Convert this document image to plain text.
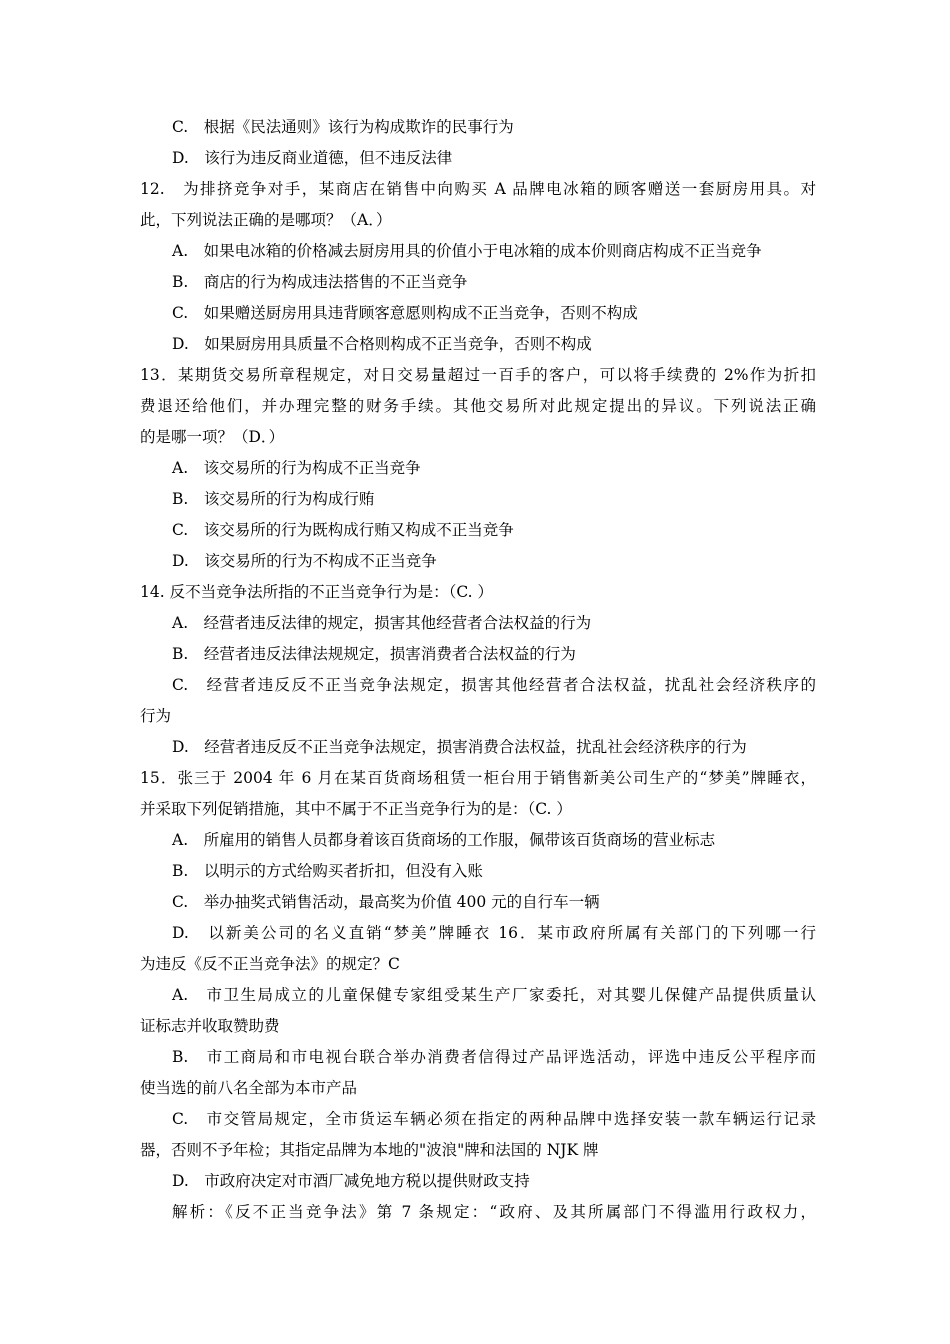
C.　根据《民法通则》该行为构成欺诈的民事行为
D.　该行为违反商业道德，但不违反法律
12.　为排挤竞争对手，某商店在销售中向购买 A 品牌电冰箱的顾客赠送一套厨房用具。对
此，下列说法正确的是哪项？（A．）
A.　如果电冰箱的价格减去厨房用具的价值小于电冰箱的成本价则商店构成不正当竞争
B.　商店的行为构成违法搭售的不正当竞争
C.　如果赠送厨房用具违背顾客意愿则构成不正当竞争，否则不构成
D.　如果厨房用具质量不合格则构成不正当竞争，否则不构成
13．某期货交易所章程规定，对日交易量超过一百手的客户，可以将手续费的 2%作为折扣
费退还给他们，并办理完整的财务手续。其他交易所对此规定提出的异议。下列说法正确
的是哪一项？（D．）
A.　该交易所的行为构成不正当竞争
B.　该交易所的行为构成行贿
C.　该交易所的行为既构成行贿又构成不正当竞争
D.　该交易所的行为不构成不正当竞争
14. 反不当竞争法所指的不正当竞争行为是：（C. ）
A.　经营者违反法律的规定，损害其他经营者合法权益的行为
B.　经营者违反法律法规规定，损害消费者合法权益的行为
C.　经营者违反反不正当竞争法规定，损害其他经营者合法权益，扰乱社会经济秩序的
行为
D.　经营者违反反不正当竞争法规定，损害消费合法权益，扰乱社会经济秩序的行为
15．张三于 2004 年 6 月在某百货商场租赁一柜台用于销售新美公司生产的“梦美”牌睡衣，
并采取下列促销措施，其中不属于不正当竞争行为的是：（C. ）
A.　所雇用的销售人员都身着该百货商场的工作服，佩带该百货商场的营业标志
B.　以明示的方式给购买者折扣，但没有入账
C.　举办抽奖式销售活动，最高奖为价值 400 元的自行车一辆
D.　以新美公司的名义直销“梦美”牌睡衣 16．某市政府所属有关部门的下列哪一行
为违反《反不正当竞争法》的规定？C
A.　市卫生局成立的儿童保健专家组受某生产厂家委托，对其婴儿保健产品提供质量认
证标志并收取赞助费
B.　市工商局和市电视台联合举办消费者信得过产品评选活动，评选中违反公平程序而
使当选的前八名全部为本市产品
C.　市交管局规定，全市货运车辆必须在指定的两种品牌中选择安装一款车辆运行记录
器，否则不予年检；其指定品牌为本地的"波浪"牌和法国的 NJK 牌
D.　市政府决定对市酒厂减免地方税以提供财政支持
解析：《反不正当竞争法》第 7 条规定：“政府、及其所属部门不得滥用行政权力，
